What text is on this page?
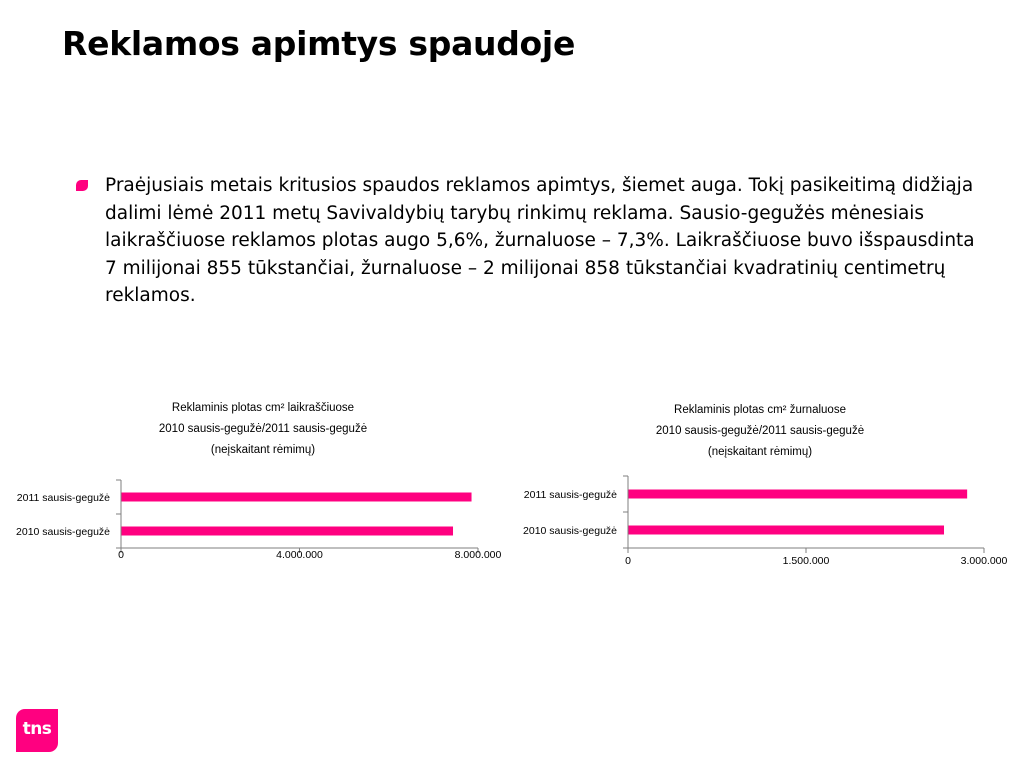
Reklamos apimtys spaudoje

Praėjusiais metais kritusios spaudos reklamos apimtys, šiemet auga. Tokį pasikeitimą didžiąja dalimi lėmė 2011 metų Savivaldybių tarybų rinkimų reklama. Sausio-gegužės mėnesiais laikraščiuose reklamos plotas augo 5,6%, žurnaluose – 7,3%. Laikraščiuose buvo išspausdinta 7 milijonai 855 tūkstančiai, žurnaluose – 2 milijonai 858 tūkstančiai kvadratinių centimetrų reklamos.

Reklaminis plotas cm² laikraščiuose
2010 sausis-gegužė/2011 sausis-gegužė
(neįskaitant rėmimų)
2011 sausis-gegužė
2010 sausis-gegužė
0	4.000.000	8.000.000
Reklaminis plotas cm² žurnaluose
2010 sausis-gegužė/2011 sausis-gegužė
(neįskaitant rėmimų)
2011 sausis-gegužė
2010 sausis-gegužė
0	1.500.000	3.000.000
tns
